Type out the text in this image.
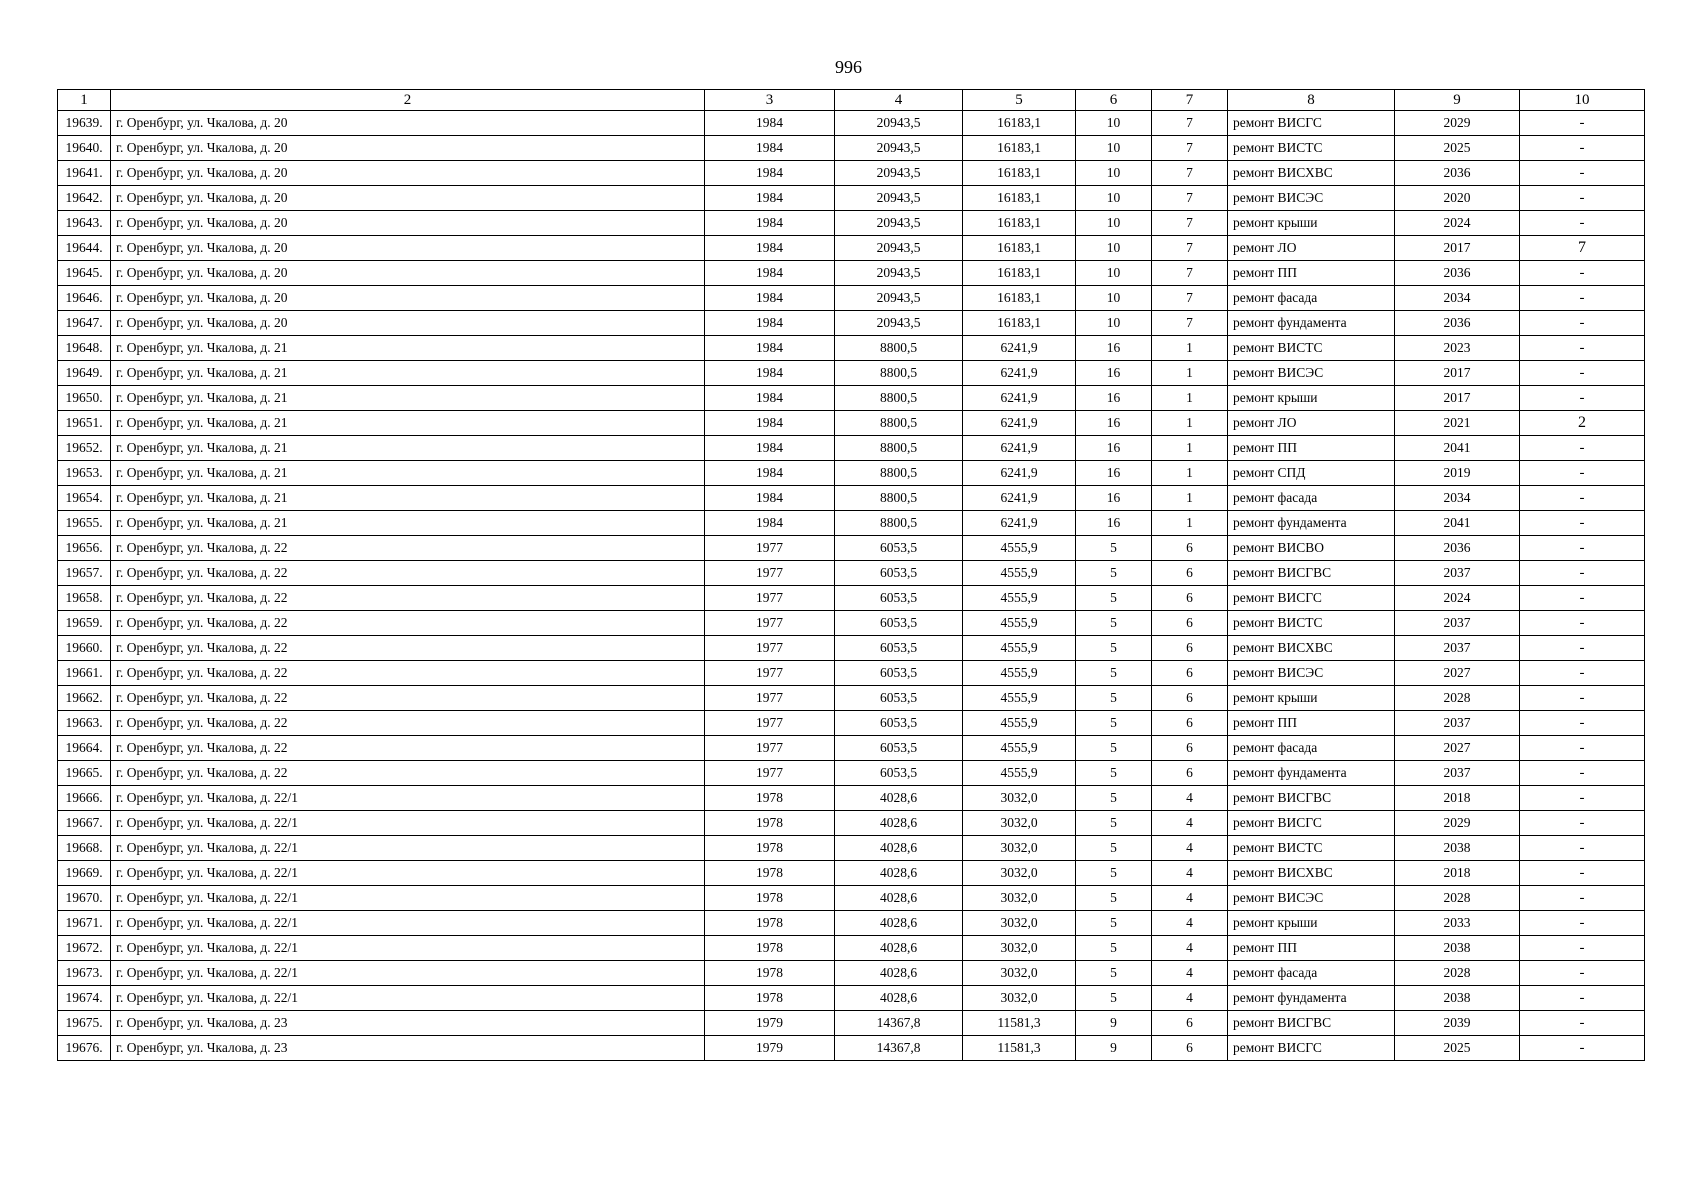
996
1	2	3	4	5	6	7	8	9	10
19639.	г. Оренбург, ул. Чкалова, д. 20	1984	20943,5	16183,1	10	7	ремонт ВИСГС	2029	-
19640.	г. Оренбург, ул. Чкалова, д. 20	1984	20943,5	16183,1	10	7	ремонт ВИСТС	2025	-
19641.	г. Оренбург, ул. Чкалова, д. 20	1984	20943,5	16183,1	10	7	ремонт ВИСХВС	2036	-
19642.	г. Оренбург, ул. Чкалова, д. 20	1984	20943,5	16183,1	10	7	ремонт ВИСЭС	2020	-
19643.	г. Оренбург, ул. Чкалова, д. 20	1984	20943,5	16183,1	10	7	ремонт крыши	2024	-
19644.	г. Оренбург, ул. Чкалова, д. 20	1984	20943,5	16183,1	10	7	ремонт ЛО	2017	7
19645.	г. Оренбург, ул. Чкалова, д. 20	1984	20943,5	16183,1	10	7	ремонт ПП	2036	-
19646.	г. Оренбург, ул. Чкалова, д. 20	1984	20943,5	16183,1	10	7	ремонт фасада	2034	-
19647.	г. Оренбург, ул. Чкалова, д. 20	1984	20943,5	16183,1	10	7	ремонт фундамента	2036	-
19648.	г. Оренбург, ул. Чкалова, д. 21	1984	8800,5	6241,9	16	1	ремонт ВИСТС	2023	-
19649.	г. Оренбург, ул. Чкалова, д. 21	1984	8800,5	6241,9	16	1	ремонт ВИСЭС	2017	-
19650.	г. Оренбург, ул. Чкалова, д. 21	1984	8800,5	6241,9	16	1	ремонт крыши	2017	-
19651.	г. Оренбург, ул. Чкалова, д. 21	1984	8800,5	6241,9	16	1	ремонт ЛО	2021	2
19652.	г. Оренбург, ул. Чкалова, д. 21	1984	8800,5	6241,9	16	1	ремонт ПП	2041	-
19653.	г. Оренбург, ул. Чкалова, д. 21	1984	8800,5	6241,9	16	1	ремонт СПД	2019	-
19654.	г. Оренбург, ул. Чкалова, д. 21	1984	8800,5	6241,9	16	1	ремонт фасада	2034	-
19655.	г. Оренбург, ул. Чкалова, д. 21	1984	8800,5	6241,9	16	1	ремонт фундамента	2041	-
19656.	г. Оренбург, ул. Чкалова, д. 22	1977	6053,5	4555,9	5	6	ремонт ВИСВО	2036	-
19657.	г. Оренбург, ул. Чкалова, д. 22	1977	6053,5	4555,9	5	6	ремонт ВИСГВС	2037	-
19658.	г. Оренбург, ул. Чкалова, д. 22	1977	6053,5	4555,9	5	6	ремонт ВИСГС	2024	-
19659.	г. Оренбург, ул. Чкалова, д. 22	1977	6053,5	4555,9	5	6	ремонт ВИСТС	2037	-
19660.	г. Оренбург, ул. Чкалова, д. 22	1977	6053,5	4555,9	5	6	ремонт ВИСХВС	2037	-
19661.	г. Оренбург, ул. Чкалова, д. 22	1977	6053,5	4555,9	5	6	ремонт ВИСЭС	2027	-
19662.	г. Оренбург, ул. Чкалова, д. 22	1977	6053,5	4555,9	5	6	ремонт крыши	2028	-
19663.	г. Оренбург, ул. Чкалова, д. 22	1977	6053,5	4555,9	5	6	ремонт ПП	2037	-
19664.	г. Оренбург, ул. Чкалова, д. 22	1977	6053,5	4555,9	5	6	ремонт фасада	2027	-
19665.	г. Оренбург, ул. Чкалова, д. 22	1977	6053,5	4555,9	5	6	ремонт фундамента	2037	-
19666.	г. Оренбург, ул. Чкалова, д. 22/1	1978	4028,6	3032,0	5	4	ремонт ВИСГВС	2018	-
19667.	г. Оренбург, ул. Чкалова, д. 22/1	1978	4028,6	3032,0	5	4	ремонт ВИСГС	2029	-
19668.	г. Оренбург, ул. Чкалова, д. 22/1	1978	4028,6	3032,0	5	4	ремонт ВИСТС	2038	-
19669.	г. Оренбург, ул. Чкалова, д. 22/1	1978	4028,6	3032,0	5	4	ремонт ВИСХВС	2018	-
19670.	г. Оренбург, ул. Чкалова, д. 22/1	1978	4028,6	3032,0	5	4	ремонт ВИСЭС	2028	-
19671.	г. Оренбург, ул. Чкалова, д. 22/1	1978	4028,6	3032,0	5	4	ремонт крыши	2033	-
19672.	г. Оренбург, ул. Чкалова, д. 22/1	1978	4028,6	3032,0	5	4	ремонт ПП	2038	-
19673.	г. Оренбург, ул. Чкалова, д. 22/1	1978	4028,6	3032,0	5	4	ремонт фасада	2028	-
19674.	г. Оренбург, ул. Чкалова, д. 22/1	1978	4028,6	3032,0	5	4	ремонт фундамента	2038	-
19675.	г. Оренбург, ул. Чкалова, д. 23	1979	14367,8	11581,3	9	6	ремонт ВИСГВС	2039	-
19676.	г. Оренбург, ул. Чкалова, д. 23	1979	14367,8	11581,3	9	6	ремонт ВИСГС	2025	-
